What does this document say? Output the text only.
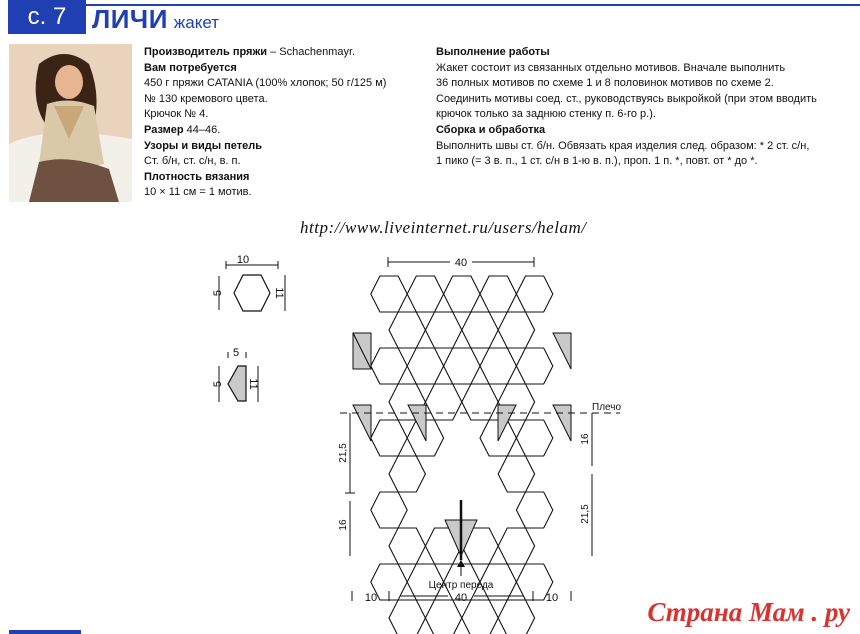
с. 7 ЛИЧИ жакет
Производитель пряжи – Schachenmayr.
Вам потребуется
450 г пряжи CATANIA (100% хлопок; 50 г/125 м)
№ 130 кремового цвета.
Крючок № 4.
Размер 44–46.
Узоры и виды петель
Ст. б/н, ст. с/н, в. п.
Плотность вязания
10 × 11 см = 1 мотив.
Выполнение работы
Жакет состоит из связанных отдельно мотивов. Вначале выполнить
36 полных мотивов по схеме 1 и 8 половинок мотивов по схеме 2.
Соединить мотивы соед. ст., руководствуясь выкройкой (при этом вводить
крючок только за заднюю стенку п. 6-го р.).
Сборка и обработка
Выполнить швы ст. б/н. Обвязать края изделия след. образом: * 2 ст. с/н,
1 пико (= 3 в. п., 1 ст. с/н в 1-ю в. п.), проп. 1 п. *, повт. от * до *.
http://www.liveinternet.ru/users/helam/
10
5	11
5
5 11
40
Плечо
21,5
16
16
21,5
Центр переда
10	40	10	Страна Мам . ру
